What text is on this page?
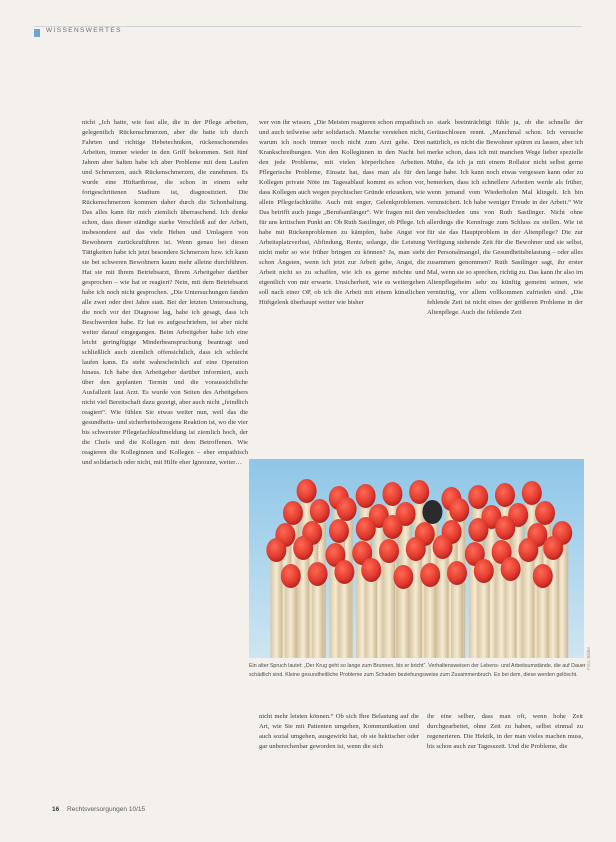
WISSENSWERTES

nicht „Ich hatte, wie fast alle, die in der Pflege arbeiten, gelegentlich Rückenschmerzen, aber die hatte ich durch Fahrten und richtige Hebetechniken, rückenschonendes Arbeiten, immer wieder in den Griff bekommen. Seit fünf Jahren aber halten habe ich aber Probleme mit dem Laufen und Schmerzen, auch Rückenschmerzen, die zunehmen. Es wurde eine Hüftarthrose, die schon in einem sehr fortgeschrittenen Stadium ist, diagnostiziert. Die Rückenschmerzen kommen daher durch die Schonhaltung. Das alles kann für mich ziemlich überraschend. Ich denke schon, dass dieser ständige starke Verschleiß auf der Arbeit, insbesondere auf das viele Heben und Umlagern von Bewohnern zurückzuführen ist. Wenn genau bei diesen Tätigkeiten habe ich jetzt besondere Schmerzen bzw. ich kann sie bei schweren Bewohnern kaum mehr alleine durchführen. Hat sie mit Ihrem Betriebsarzt, Ihrem Arbeitgeber darüber gesprochen – wie hat er reagiert? Nein, mit dem Betriebsarzt habe ich noch nicht gesprochen. „Die Untersuchungen fanden alle zwei oder drei Jahre statt. Bei der letzten Untersuchung, die noch vor der Diagnose lag, habe ich gesagt, dass ich Beschwerden habe. Er hat es aufgeschrieben, ist aber nicht weiter darauf eingegangen. Beim Arbeitgeber habe ich eine leicht geringfügige Minderbeanspruchung beantragt und schließlich auch ziemlich offensichtlich, dass ich schlecht laufen kann. Es steht wahrscheinlich auf eine Operation hinaus. Ich habe den Arbeitgeber darüber informiert, auch über den geplanten Termin und die voraussichtliche Ausfallzeit laut Arzt. Es wurde von Seiten des Arbeitgebers nicht viel Bereitschaft dazu gezeigt, aber auch nicht „feindlich reagiert“. Wie fühlen Sie etwas weiter nun, weil das die gesundheits- und sicherheitsbezogene Reaktion ist, wo die vier bis schwerster Pflegefachkraftmeldung ist ziemlich hoch, der die Chefs und die Kollegen mit dem Betroffenen. Wie reagieren die Kolleginnen und Kollegen – eher empathisch und solidarisch oder nicht, mit Hilfe eher Ignoranz, weiter…

wer von ihr wissen. „Die Meisten reagieren schon empathisch und auch teilweise sehr solidarisch. Manche verstehen nicht, warum ich noch immer noch nicht zum Arzt gehe. Drei Krankschreibungen. Von den Kolleginnen in den Nacht bei den jede Probleme, mit vielen körperlichen Arbeiten. Pflegerische Probleme, Einsatz hat, dass man als für den Kollegen private Nöte im Tagesablauf kommt es schon vor, dass Kollegen auch wegen psychischer Gründe erkranken, wie allein Pflegefachkräfte. Auch mit enger, Gelenkproblemen. Das betrifft auch junge „Berufsanfänger“. Wir fragen mit den für uns kritischen Punkt an: Ob Ruth Sastlinger, ob Pflege. Ich habe mit Rückenproblemen zu kämpfen, habe Angst vor Arbeitsplatzverlust, Abfindung, Rente, solange, die Leistung nicht mehr so wie früher bringen zu können? Ja, man sieht schon Ängsten, wenn ich jetzt zur Arbeit gehe, Angst, die Arbeit nicht so zu schaffen, wie ich es gerne möchte und eigentlich von mir erwarte. Unsicherheit, wie es weitergehen soll nach einer OP, ob ich die Arbeit mit einem künstlichen Hüftgelenk überhaupt weiter wie bisher

so stark beeinträchtigt fühle ja, ob die schnelle der Geräuschlosen rennt. „Manchmal schon. Ich versuche natürlich, es nicht die Bewohner spüren zu lassen, aber ich merke schon, dass ich mit manchen Wege lieber spezielle Mühe, da ich ja mit einem Rollator nicht selbst gerne lange habe. Ich kann noch etwas vergessen kann oder zu bemerken, dass ich schnellere Arbeiten werde als früher, wenn jemand vom Wiederholen Mal klingelt. Ich bin verunsichert. Ich habe weniger Freude in der Arbeit.“ Wir verabschieden uns von Ruth Sastlinger. Nicht ohne allerdings die Kennfrage zum Schluss zu stellen. Wie ist für sie das Hauptproblem in der Altenpflege? Die zur Verfügung stehende Zeit für die Bewohner und sie selbst, der Personalmangel, die Gesundheitsbelastung – oder alles zusammen genommen? Ruth Sastlinger sagt, ihr erster Mal, wenn sie so sprechen, richtig zu. Das kann ihr also im Altenpflegeheim sehr zu künftig gemeint seinen, wie vernünftig, vor allem vollkommen zufrieden sind. „Die fehlende Zeit ist nicht eines der größeren Probleme in der Altenpflege. Auch die fehlende Zeit

Foto: Bilder
Ein alter Spruch lautet: „Der Krug geht so lange zum Brunnen, bis er bricht“. Verhaltensweisen der Lebens- und Arbeitsumstände, die auf Dauer schädlich sind. Kleine gesundheitliche Probleme zum Schaden beziehungsweise zum Zusammenbruch. Es bei dem, diese werden gelöscht.

nicht mehr leisten können.“ Ob sich Ihre Belastung auf die Art, wie Sie mit Patienten umgehen, Kommunikation und auch sozial umgehen, ausgewirkt hat, ob sie hektischer oder gar unberechenbar geworden ist, wenn die sich

ihr eine selber, dass man oft, wenn hohe Zeit durchgearbeitet, ohne Zeit zu haben, selbst einmal zu regenerieren. Die Hektik, in der man vieles machen muss, bis schon auch zur Tagesszeit. Und die Probleme, die

16 Rechtsversorgungen 10/15
